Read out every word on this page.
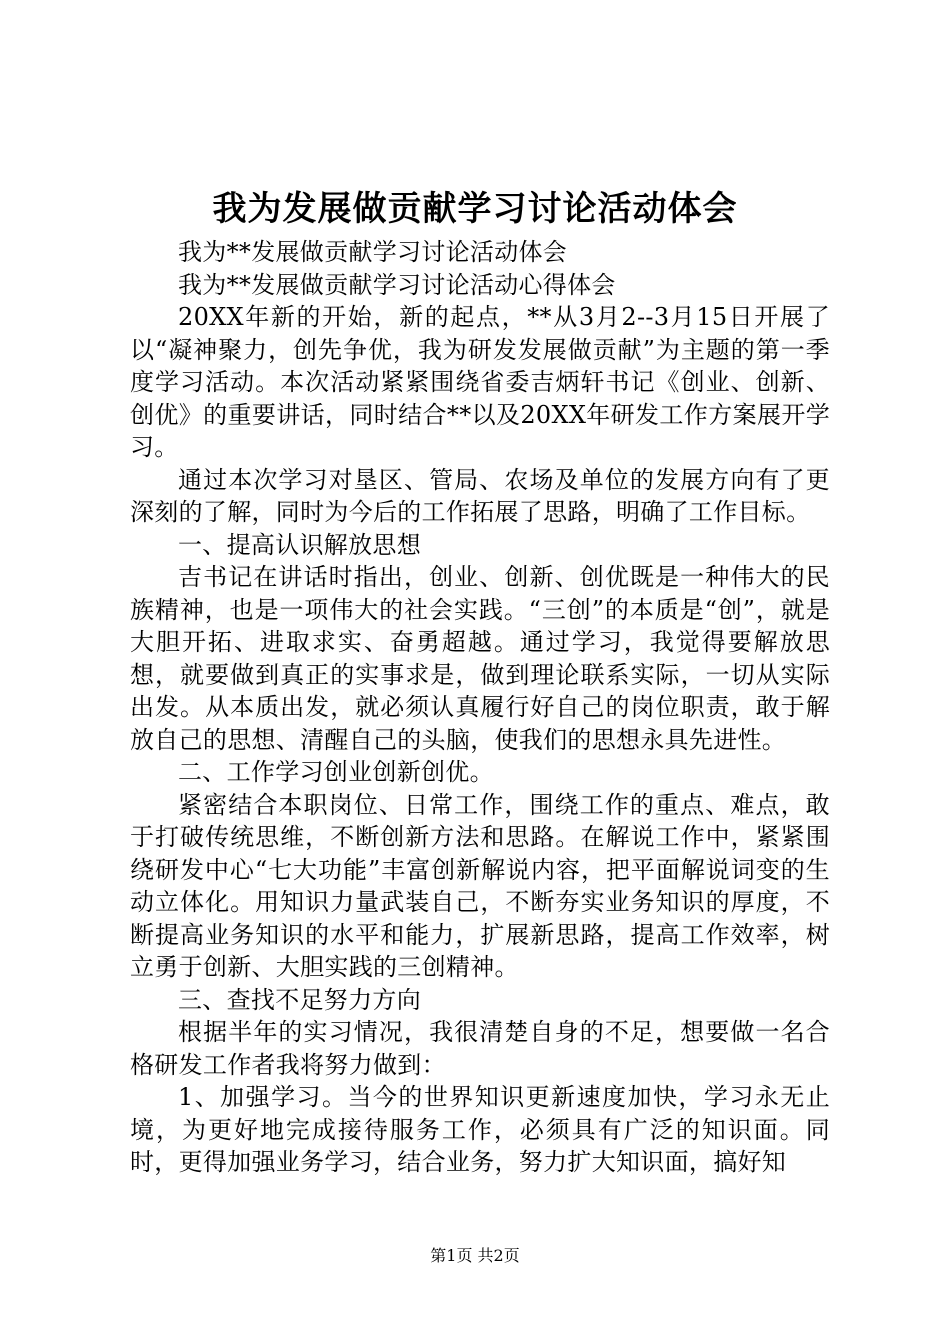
我为发展做贡献学习讨论活动体会

我为**发展做贡献学习讨论活动体会

我为**发展做贡献学习讨论活动心得体会

20XX年新的开始，新的起点，**从3月2--3月15日开展了以“凝神聚力，创先争优，我为研发发展做贡献”为主题的第一季度学习活动。本次活动紧紧围绕省委吉炳轩书记《创业、创新、创优》的重要讲话，同时结合**以及20XX年研发工作方案展开学习。

通过本次学习对垦区、管局、农场及单位的发展方向有了更深刻的了解，同时为今后的工作拓展了思路，明确了工作目标。

一、提高认识解放思想

吉书记在讲话时指出，创业、创新、创优既是一种伟大的民族精神，也是一项伟大的社会实践。“三创”的本质是“创”，就是大胆开拓、进取求实、奋勇超越。通过学习，我觉得要解放思想，就要做到真正的实事求是，做到理论联系实际，一切从实际出发。从本质出发，就必须认真履行好自己的岗位职责，敢于解放自己的思想、清醒自己的头脑，使我们的思想永具先进性。

二、工作学习创业创新创优。

紧密结合本职岗位、日常工作，围绕工作的重点、难点，敢于打破传统思维，不断创新方法和思路。在解说工作中，紧紧围绕研发中心“七大功能”丰富创新解说内容，把平面解说词变的生动立体化。用知识力量武装自己，不断夯实业务知识的厚度，不断提高业务知识的水平和能力，扩展新思路，提高工作效率，树立勇于创新、大胆实践的三创精神。

三、查找不足努力方向

根据半年的实习情况，我很清楚自身的不足，想要做一名合格研发工作者我将努力做到：

1、加强学习。当今的世界知识更新速度加快，学习永无止境，为更好地完成接待服务工作，必须具有广泛的知识面。同时，更得加强业务学习，结合业务，努力扩大知识面，搞好知

第1页 共2页
